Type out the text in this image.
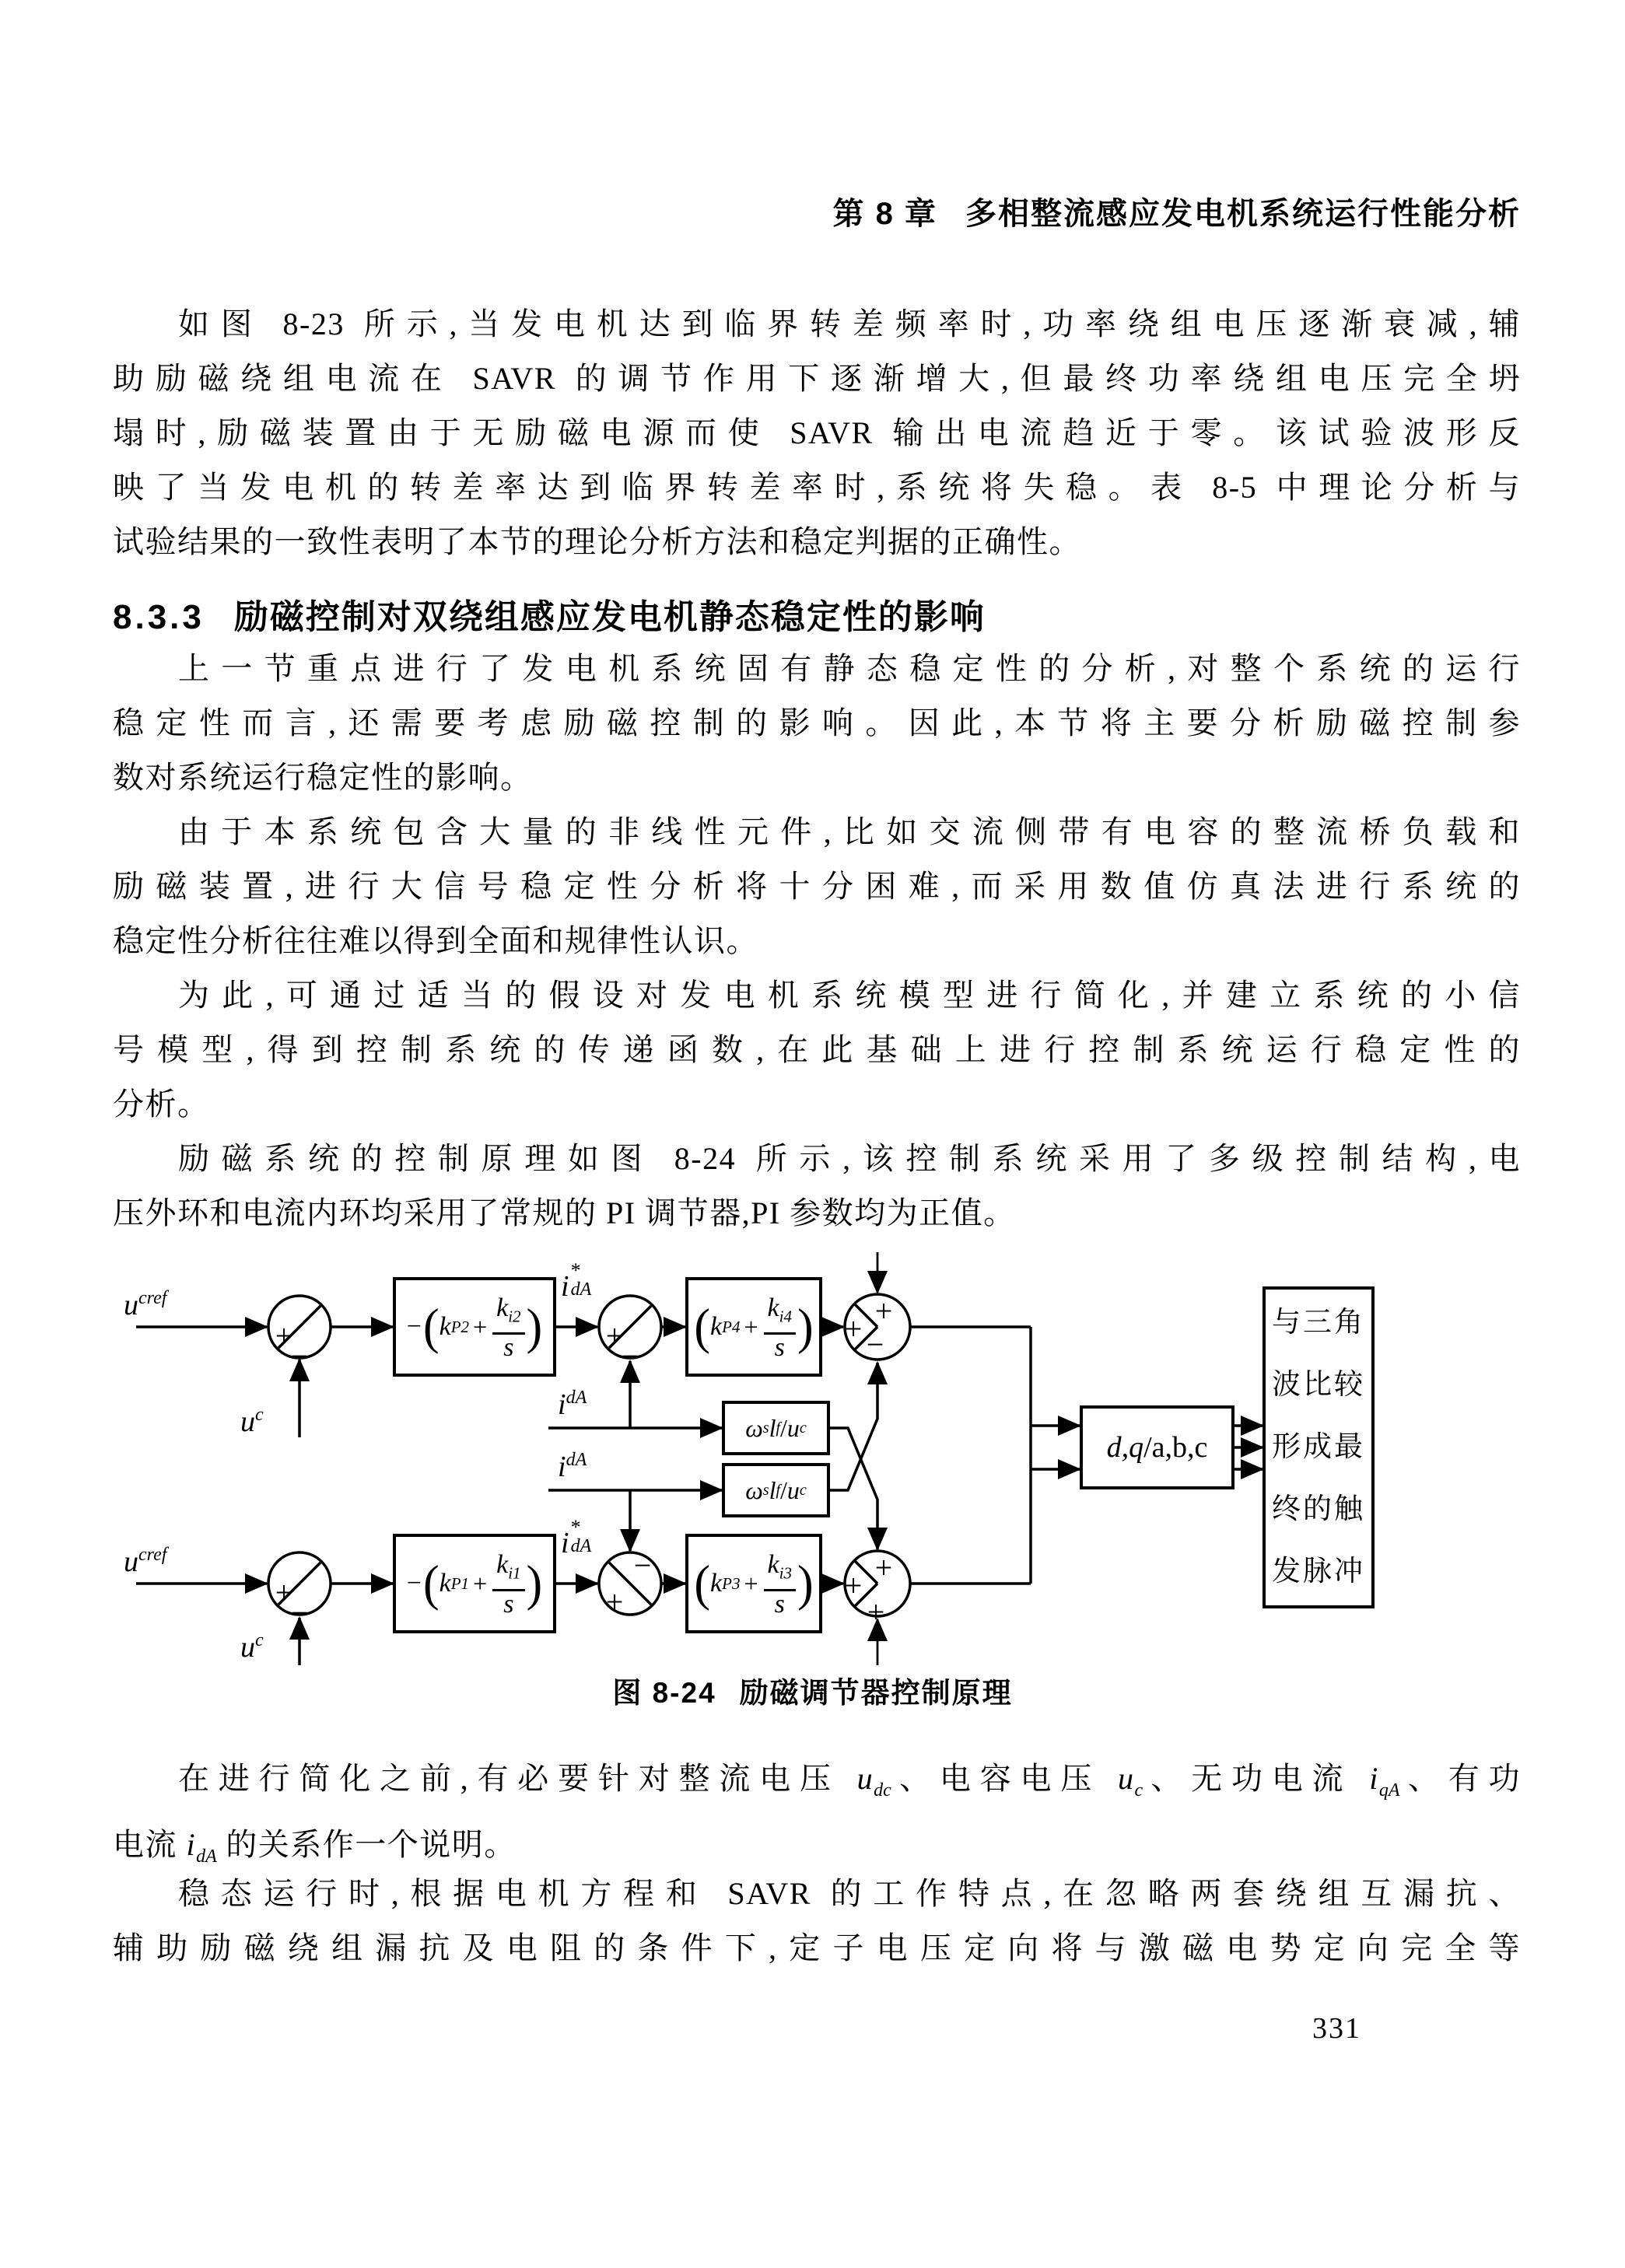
第 8 章 多相整流感应发电机系统运行性能分析
如图 8-23 所示,当发电机达到临界转差频率时,功率绕组电压逐渐衰减,辅
助励磁绕组电流在 SAVR 的调节作用下逐渐增大,但最终功率绕组电压完全坍
塌时,励磁装置由于无励磁电源而使 SAVR 输出电流趋近于零。该试验波形反
映了当发电机的转差率达到临界转差率时,系统将失稳。表 8-5 中理论分析与
试验结果的一致性表明了本节的理论分析方法和稳定判据的正确性。
8.3.3 励磁控制对双绕组感应发电机静态稳定性的影响
上一节重点进行了发电机系统固有静态稳定性的分析,对整个系统的运行
稳定性而言,还需要考虑励磁控制的影响。因此,本节将主要分析励磁控制参
数对系统运行稳定性的影响。
由于本系统包含大量的非线性元件,比如交流侧带有电容的整流桥负载和
励磁装置,进行大信号稳定性分析将十分困难,而采用数值仿真法进行系统的
稳定性分析往往难以得到全面和规律性认识。
为此,可通过适当的假设对发电机系统模型进行简化,并建立系统的小信
号模型,得到控制系统的传递函数,在此基础上进行控制系统运行稳定性的
分析。
励磁系统的控制原理如图 8-24 所示,该控制系统采用了多级控制结构,电
压外环和电流内环均采用了常规的 PI 调节器,PI 参数均为正值。
+
−
+
−
+
+ −
+
−
−
+
+
+
+
u cref
u c
i *
dA
i dA
i dA
u cref
u c
i *
dA
− ( k $P2 + \frac{k_{i2}}{s}$ )	( k $P4 + \frac{k_{i4}}{s}$ )
− ( k $P1 + \frac{k_{i1}}{s}$ )	( k $P3 + \frac{k_{i3}}{s}$ )
ω s l f / u c
ω s l f / u c
d,q /a,b,c
与三角
波比较
形成最
终的触
发脉冲
图 8-24 励磁调节器控制原理
在进行简化之前,有必要针对整流电压 $u_{dc}$、电容电压 $u_c$、无功电流 $i_{qA}$、有功
电流 $i_{dA}$ 的关系作一个说明。
稳态运行时,根据电机方程和 SAVR 的工作特点,在忽略两套绕组互漏抗、
辅助励磁绕组漏抗及电阻的条件下,定子电压定向将与激磁电势定向完全等
331
